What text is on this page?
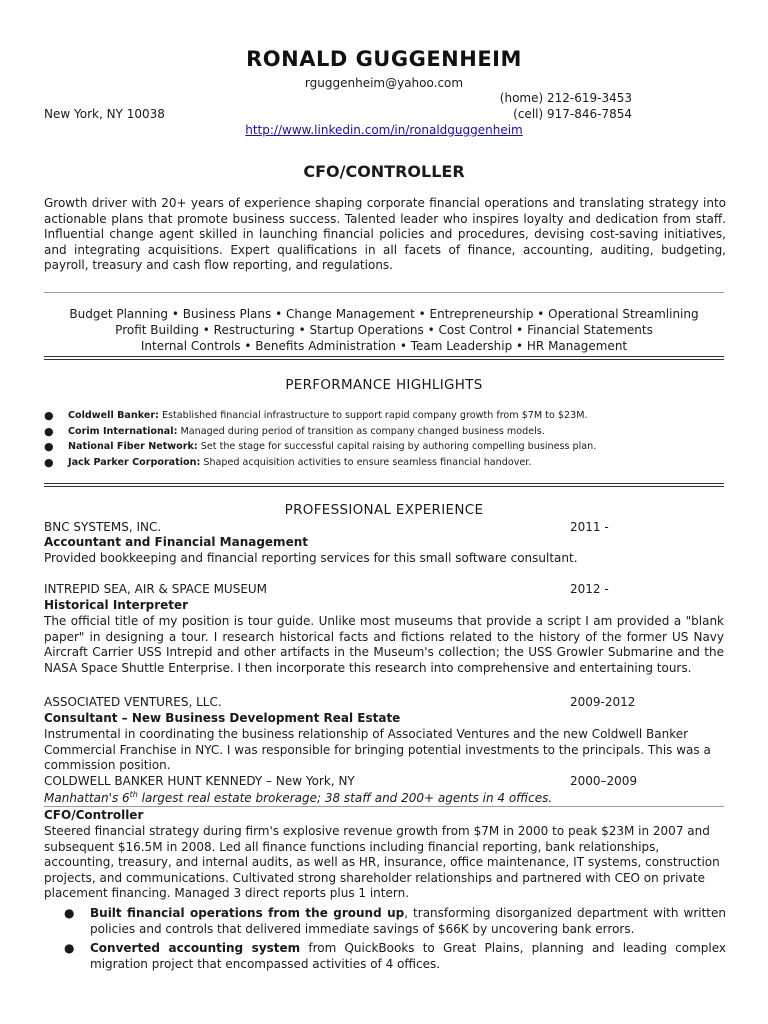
RONALD GUGGENHEIM
rguggenheim@yahoo.com
(home) 212-619-3453
New York, NY 10038	(cell) 917-846-7854
http://www.linkedin.com/in/ronaldguggenheim
CFO/CONTROLLER
Growth driver with 20+ years of experience shaping corporate financial operations and translating strategy into actionable plans that promote business success. Talented leader who inspires loyalty and dedication from staff. Influential change agent skilled in launching financial policies and procedures, devising cost-saving initiatives, and integrating acquisitions. Expert qualifications in all facets of finance, accounting, auditing, budgeting, payroll, treasury and cash flow reporting, and regulations.
Budget Planning • Business Plans • Change Management • Entrepreneurship • Operational Streamlining
Profit Building • Restructuring • Startup Operations • Cost Control • Financial Statements
Internal Controls • Benefits Administration • Team Leadership • HR Management
PERFORMANCE HIGHLIGHTS
● Coldwell Banker: Established financial infrastructure to support rapid company growth from $7M to $23M.
● Corim International: Managed during period of transition as company changed business models.
● National Fiber Network: Set the stage for successful capital raising by authoring compelling business plan.
● Jack Parker Corporation: Shaped acquisition activities to ensure seamless financial handover.
PROFESSIONAL EXPERIENCE
BNC SYSTEMS, INC.	2011 -
Accountant and Financial Management
Provided bookkeeping and financial reporting services for this small software consultant.
INTREPID SEA, AIR & SPACE MUSEUM	2012 -
Historical Interpreter
The official title of my position is tour guide. Unlike most museums that provide a script I am provided a "blank paper" in designing a tour. I research historical facts and fictions related to the history of the former US Navy Aircraft Carrier USS Intrepid and other artifacts in the Museum's collection; the USS Growler Submarine and the NASA Space Shuttle Enterprise. I then incorporate this research into comprehensive and entertaining tours.
ASSOCIATED VENTURES, LLC.	2009-2012
Consultant – New Business Development Real Estate
Instrumental in coordinating the business relationship of Associated Ventures and the new Coldwell Banker Commercial Franchise in NYC. I was responsible for bringing potential investments to the principals. This was a commission position.
COLDWELL BANKER HUNT KENNEDY – New York, NY	2000–2009
Manhattan's 6th largest real estate brokerage; 38 staff and 200+ agents in 4 offices.
CFO/Controller
Steered financial strategy during firm's explosive revenue growth from $7M in 2000 to peak $23M in 2007 and subsequent $16.5M in 2008. Led all finance functions including financial reporting, bank relationships, accounting, treasury, and internal audits, as well as HR, insurance, office maintenance, IT systems, construction projects, and communications. Cultivated strong shareholder relationships and partnered with CEO on private placement financing. Managed 3 direct reports plus 1 intern.
● Built financial operations from the ground up, transforming disorganized department with written policies and controls that delivered immediate savings of $66K by uncovering bank errors.
● Converted accounting system from QuickBooks to Great Plains, planning and leading complex migration project that encompassed activities of 4 offices.
